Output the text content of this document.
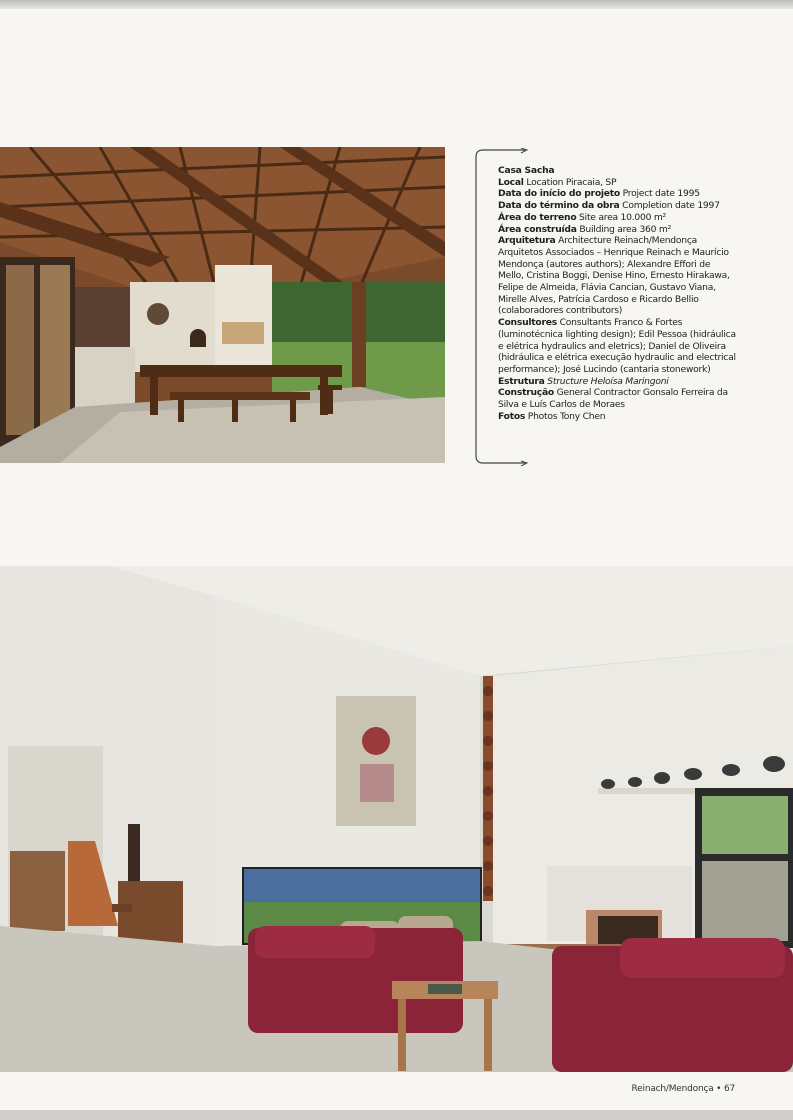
Casa Sacha
Local Location Piracaia, SP
Data do início do projeto Project date 1995
Data do término da obra Completion date 1997
Área do terreno Site area 10.000 m²
Área construída Building area 360 m²
Arquitetura Architecture Reinach/Mendonça
Arquitetos Associados – Henrique Reinach e Maurício
Mendonça (autores authors); Alexandre Effori de
Mello, Cristina Boggi, Denise Hino, Ernesto Hirakawa,
Felipe de Almeida, Flávia Cancian, Gustavo Viana,
Mirelle Alves, Patrícia Cardoso e Ricardo Bellio
(colaboradores contributors)
Consultores Consultants Franco & Fortes
(luminotécnica lighting design); Edil Pessoa (hidráulica
e elétrica hydraulics and eletrics); Daniel de Oliveira
(hidráulica e elétrica execução hydraulic and electrical
performance); José Lucindo (cantaria stonework)
Estrutura Structure Heloísa Maringoni
Construção General Contractor Gonsalo Ferreira da
Silva e Luís Carlos de Moraes
Fotos Photos Tony Chen
Reinach/Mendonça • 67
